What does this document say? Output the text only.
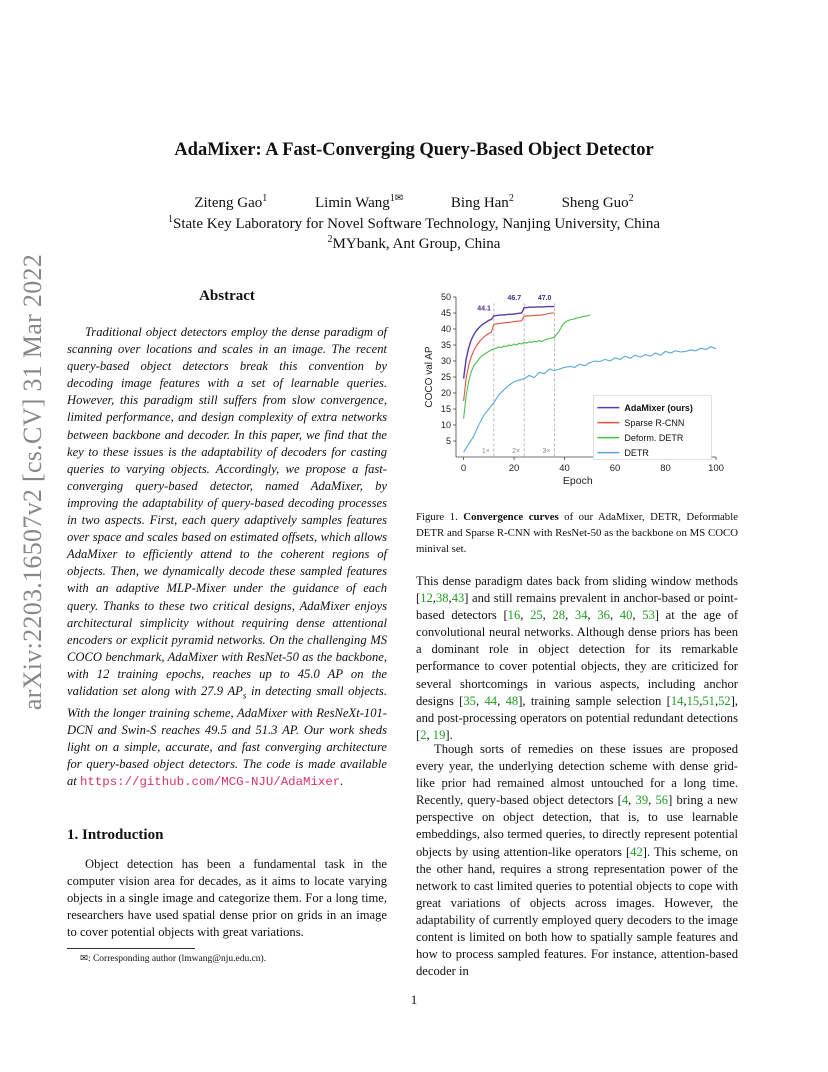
arXiv:2203.16507v2 [cs.CV] 31 Mar 2022
AdaMixer: A Fast-Converging Query-Based Object Detector
Ziteng Gao$^1$	Limin Wang$^{1✉}$	Bing Han$^2$	Sheng Guo$^2$
$^1$State Key Laboratory for Novel Software Technology, Nanjing University, China
$^2$MYbank, Ant Group, China
Abstract
Traditional object detectors employ the dense paradigm of scanning over locations and scales in an image. The recent query-based object detectors break this convention by decoding image features with a set of learnable queries. However, this paradigm still suffers from slow convergence, limited performance, and design complexity of extra networks between backbone and decoder. In this paper, we find that the key to these issues is the adaptability of decoders for casting queries to varying objects. Accordingly, we propose a fast-converging query-based detector, named AdaMixer, by improving the adaptability of query-based decoding processes in two aspects. First, each query adaptively samples features over space and scales based on estimated offsets, which allows AdaMixer to efficiently attend to the coherent regions of objects. Then, we dynamically decode these sampled features with an adaptive MLP-Mixer under the guidance of each query. Thanks to these two critical designs, AdaMixer enjoys architectural simplicity without requiring dense attentional encoders or explicit pyramid networks. On the challenging MS COCO benchmark, AdaMixer with ResNet-50 as the backbone, with 12 training epochs, reaches up to 45.0 AP on the validation set along with 27.9 $AP_s$ in detecting small objects. With the longer training scheme, AdaMixer with ResNeXt-101-DCN and Swin-S reaches 49.5 and 51.3 AP. Our work sheds light on a simple, accurate, and fast converging architecture for query-based object detectors. The code is made available at https://github.com/MCG-NJU/AdaMixer.
1. Introduction
Object detection has been a fundamental task in the computer vision area for decades, as it aims to locate varying objects in a single image and categorize them. For a long time, researchers have used spatial dense prior on grids in an image to cover potential objects with great variations.
✉: Corresponding author (lmwang@nju.edu.cn).
5
10
15
20
25
30
35
40
45
50
0	20	40	60	80	100
Epoch
COCO val AP
1×
44.1
2×
46.7
3×
47.0
AdaMixer (ours)
Sparse R-CNN
Deform. DETR
DETR
Figure 1. Convergence curves of our AdaMixer, DETR, Deformable DETR and Sparse R-CNN with ResNet-50 as the backbone on MS COCO minival set.
This dense paradigm dates back from sliding window methods [12,38,43] and still remains prevalent in anchor-based or point-based detectors [16, 25, 28, 34, 36, 40, 53] at the age of convolutional neural networks. Although dense priors has been a dominant role in object detection for its remarkable performance to cover potential objects, they are criticized for several shortcomings in various aspects, including anchor designs [35, 44, 48], training sample selection [14,15,51,52], and post-processing operators on potential redundant detections [2, 19].
Though sorts of remedies on these issues are proposed every year, the underlying detection scheme with dense grid-like prior had remained almost untouched for a long time. Recently, query-based object detectors [4, 39, 56] bring a new perspective on object detection, that is, to use learnable embeddings, also termed queries, to directly represent potential objects by using attention-like operators [42]. This scheme, on the other hand, requires a strong representation power of the network to cast limited queries to potential objects to cope with great variations of objects across images. However, the adaptability of currently employed query decoders to the image content is limited on both how to spatially sample features and how to process sampled features. For instance, attention-based decoder in
1
